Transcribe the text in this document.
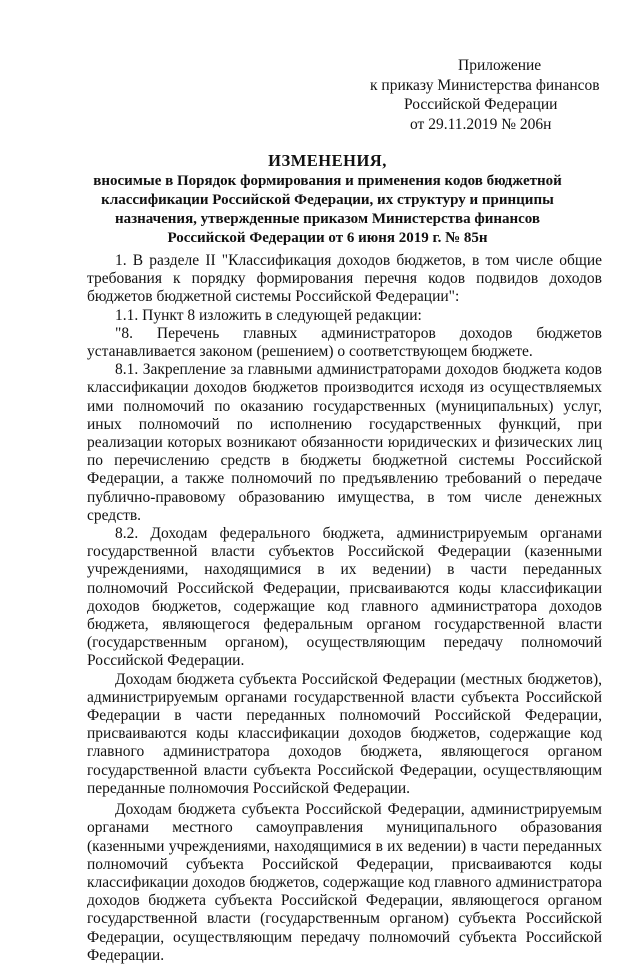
Приложение
к приказу Министерства финансов
Российской Федерации
от 29.11.2019 № 206н
ИЗМЕНЕНИЯ,
вносимые в Порядок формирования и применения кодов бюджетной классификации Российской Федерации, их структуру и принципы назначения, утвержденные приказом Министерства финансов Российской Федерации от 6 июня 2019 г. № 85н

1. В разделе II "Классификация доходов бюджетов, в том числе общие требования к порядку формирования перечня кодов подвидов доходов бюджетов бюджетной системы Российской Федерации":

1.1. Пункт 8 изложить в следующей редакции:

"8. Перечень главных администраторов доходов бюджетов устанавливается законом (решением) о соответствующем бюджете.

8.1. Закрепление за главными администраторами доходов бюджета кодов классификации доходов бюджетов производится исходя из осуществляемых ими полномочий по оказанию государственных (муниципальных) услуг, иных полномочий по исполнению государственных функций, при реализации которых возникают обязанности юридических и физических лиц по перечислению средств в бюджеты бюджетной системы Российской Федерации, а также полномочий по предъявлению требований о передаче публично-правовому образованию имущества, в том числе денежных средств.

8.2. Доходам федерального бюджета, администрируемым органами государственной власти субъектов Российской Федерации (казенными учреждениями, находящимися в их ведении) в части переданных полномочий Российской Федерации, присваиваются коды классификации доходов бюджетов, содержащие код главного администратора доходов бюджета, являющегося федеральным органом государственной власти (государственным органом), осуществляющим передачу полномочий Российской Федерации.

Доходам бюджета субъекта Российской Федерации (местных бюджетов), администрируемым органами государственной власти субъекта Российской Федерации в части переданных полномочий Российской Федерации, присваиваются коды классификации доходов бюджетов, содержащие код главного администратора доходов бюджета, являющегося органом государственной власти субъекта Российской Федерации, осуществляющим переданные полномочия Российской Федерации.

Доходам бюджета субъекта Российской Федерации, администрируемым органами местного самоуправления муниципального образования (казенными учреждениями, находящимися в их ведении) в части переданных полномочий субъекта Российской Федерации, присваиваются коды классификации доходов бюджетов, содержащие код главного администратора доходов бюджета субъекта Российской Федерации, являющегося органом государственной власти (государственным органом) субъекта Российской Федерации, осуществляющим передачу полномочий субъекта Российской Федерации.
